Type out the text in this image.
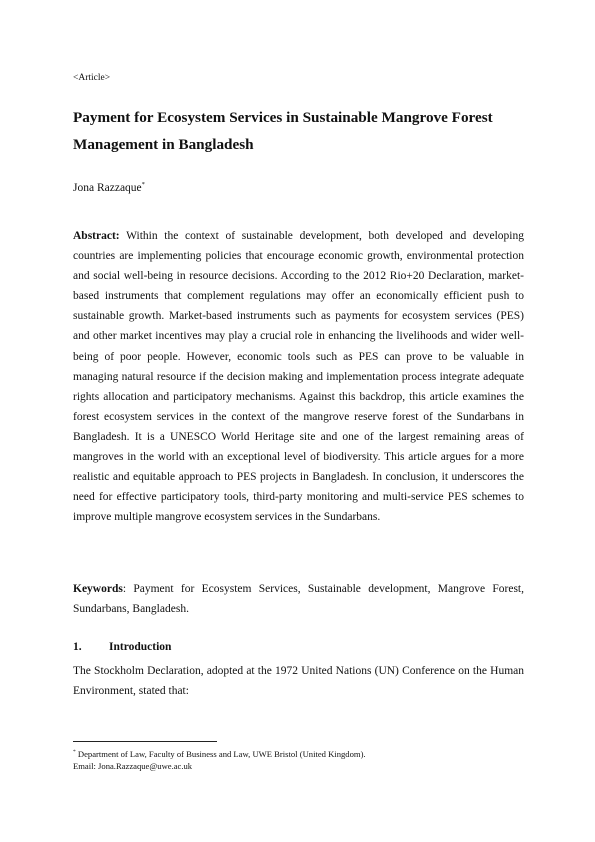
<Article>
Payment for Ecosystem Services in Sustainable Mangrove Forest Management in Bangladesh
Jona Razzaque*

Abstract: Within the context of sustainable development, both developed and developing countries are implementing policies that encourage economic growth, environmental protection and social well-being in resource decisions. According to the 2012 Rio+20 Declaration, market-based instruments that complement regulations may offer an economically efficient push to sustainable growth. Market-based instruments such as payments for ecosystem services (PES) and other market incentives may play a crucial role in enhancing the livelihoods and wider well-being of poor people. However, economic tools such as PES can prove to be valuable in managing natural resource if the decision making and implementation process integrate adequate rights allocation and participatory mechanisms. Against this backdrop, this article examines the forest ecosystem services in the context of the mangrove reserve forest of the Sundarbans in Bangladesh. It is a UNESCO World Heritage site and one of the largest remaining areas of mangroves in the world with an exceptional level of biodiversity. This article argues for a more realistic and equitable approach to PES projects in Bangladesh. In conclusion, it underscores the need for effective participatory tools, third-party monitoring and multi-service PES schemes to improve multiple mangrove ecosystem services in the Sundarbans.

Keywords: Payment for Ecosystem Services, Sustainable development, Mangrove Forest, Sundarbans, Bangladesh.

1. Introduction

The Stockholm Declaration, adopted at the 1972 United Nations (UN) Conference on the Human Environment, stated that:

* Department of Law, Faculty of Business and Law, UWE Bristol (United Kingdom).
Email: Jona.Razzaque@uwe.ac.uk
